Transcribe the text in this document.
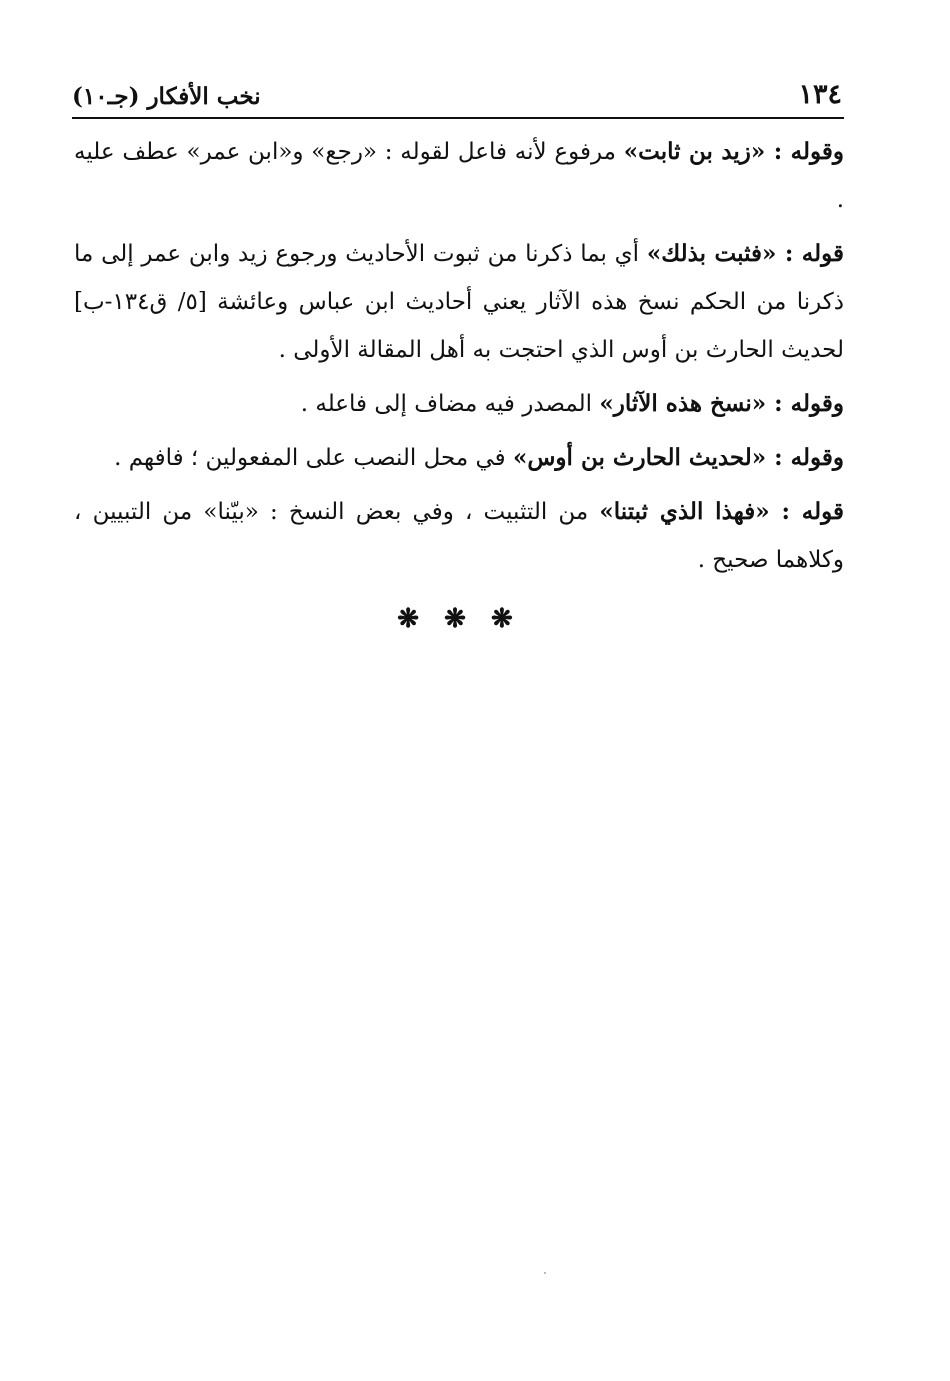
١٣٤
نخب الأفكار (جـ١٠)

وقوله : «زيد بن ثابت» مرفوع لأنه فاعل لقوله : «رجع» و«ابن عمر» عطف عليه .

قوله : «فثبت بذلك» أي بما ذكرنا من ثبوت الأحاديث ورجوع زيد وابن عمر إلى ما ذكرنا من الحكم نسخ هذه الآثار يعني أحاديث ابن عباس وعائشة [٥/ ق١٣٤-ب] لحديث الحارث بن أوس الذي احتجت به أهل المقالة الأولى .

وقوله : «نسخ هذه الآثار» المصدر فيه مضاف إلى فاعله .

وقوله : «لحديث الحارث بن أوس» في محل النصب على المفعولين ؛ فافهم .

قوله : «فهذا الذي ثبتنا» من التثبيت ، وفي بعض النسخ : «بيّنا» من التبيين ، وكلاهما صحيح .

❋ ❋ ❋
